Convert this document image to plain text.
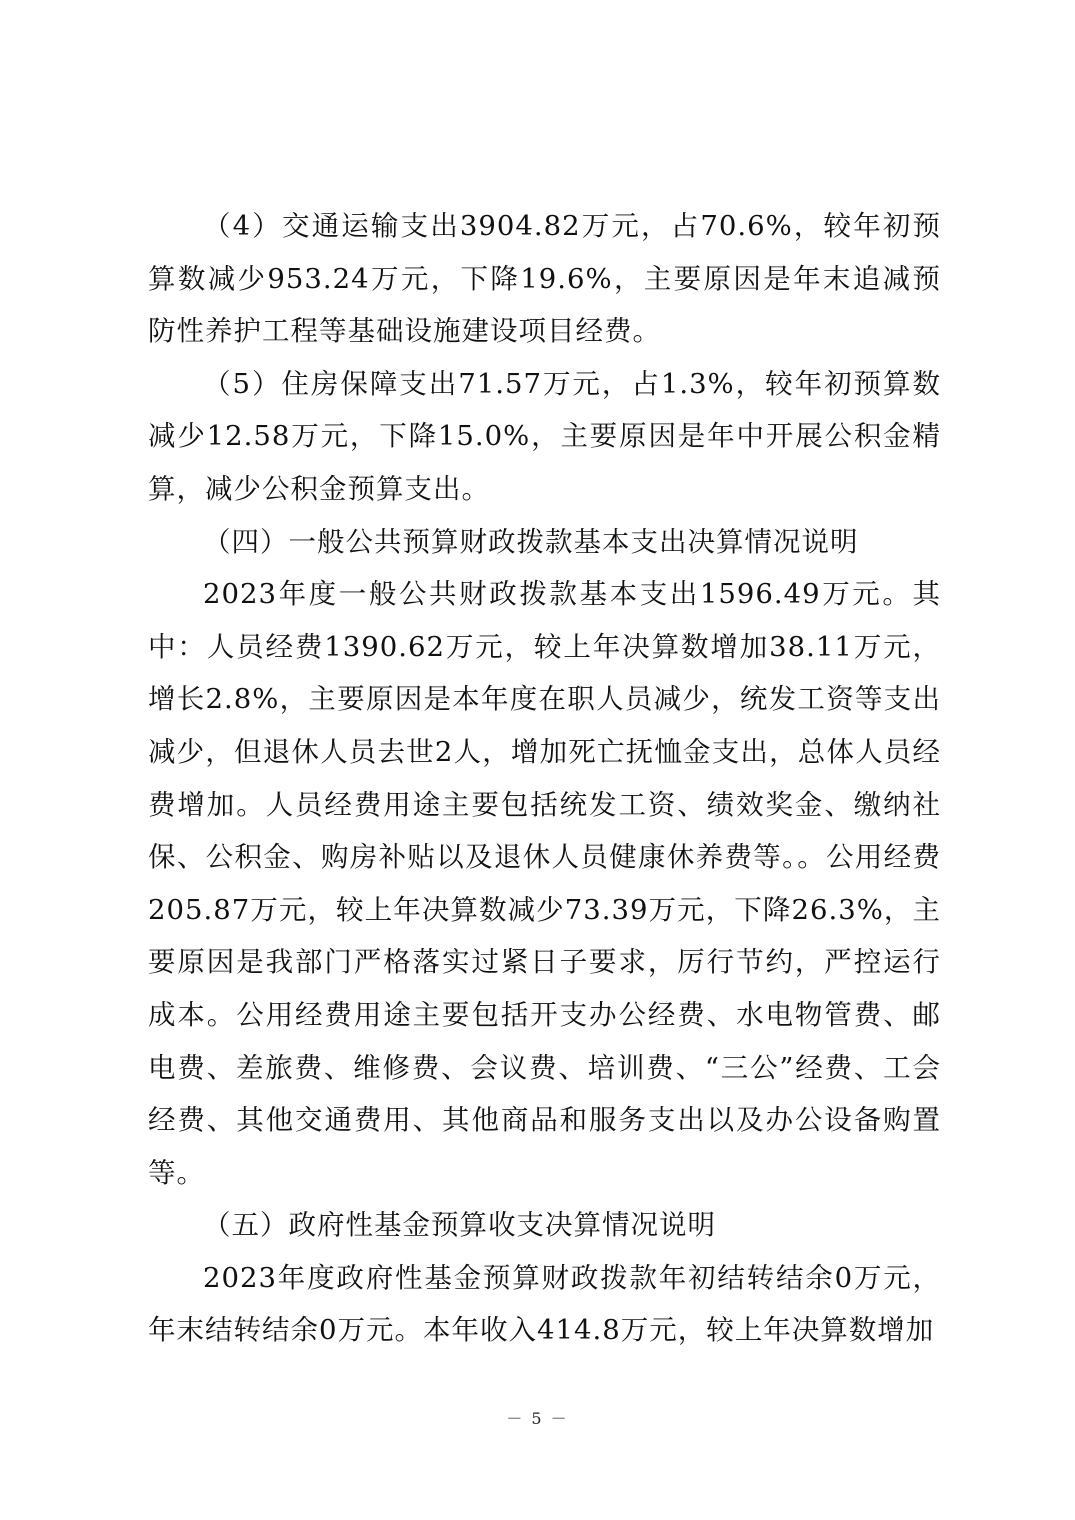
（4）交通运输支出3904.82万元，占70.6%，较年初预算数减少953.24万元，下降19.6%，主要原因是年末追减预防性养护工程等基础设施建设项目经费。

（5）住房保障支出71.57万元，占1.3%，较年初预算数减少12.58万元，下降15.0%，主要原因是年中开展公积金精算，减少公积金预算支出。

（四）一般公共预算财政拨款基本支出决算情况说明

2023年度一般公共财政拨款基本支出1596.49万元。其中：人员经费1390.62万元，较上年决算数增加38.11万元，增长2.8%，主要原因是本年度在职人员减少，统发工资等支出减少，但退休人员去世2人，增加死亡抚恤金支出，总体人员经费增加。人员经费用途主要包括统发工资、绩效奖金、缴纳社保、公积金、购房补贴以及退休人员健康休养费等。。公用经费205.87万元，较上年决算数减少73.39万元，下降26.3%，主要原因是我部门严格落实过紧日子要求，厉行节约，严控运行成本。公用经费用途主要包括开支办公经费、水电物管费、邮电费、差旅费、维修费、会议费、培训费、“三公”经费、工会经费、其他交通费用、其他商品和服务支出以及办公设备购置等。

（五）政府性基金预算收支决算情况说明

2023年度政府性基金预算财政拨款年初结转结余0万元，年末结转结余0万元。本年收入414.8万元，较上年决算数增加

－ 5 －
